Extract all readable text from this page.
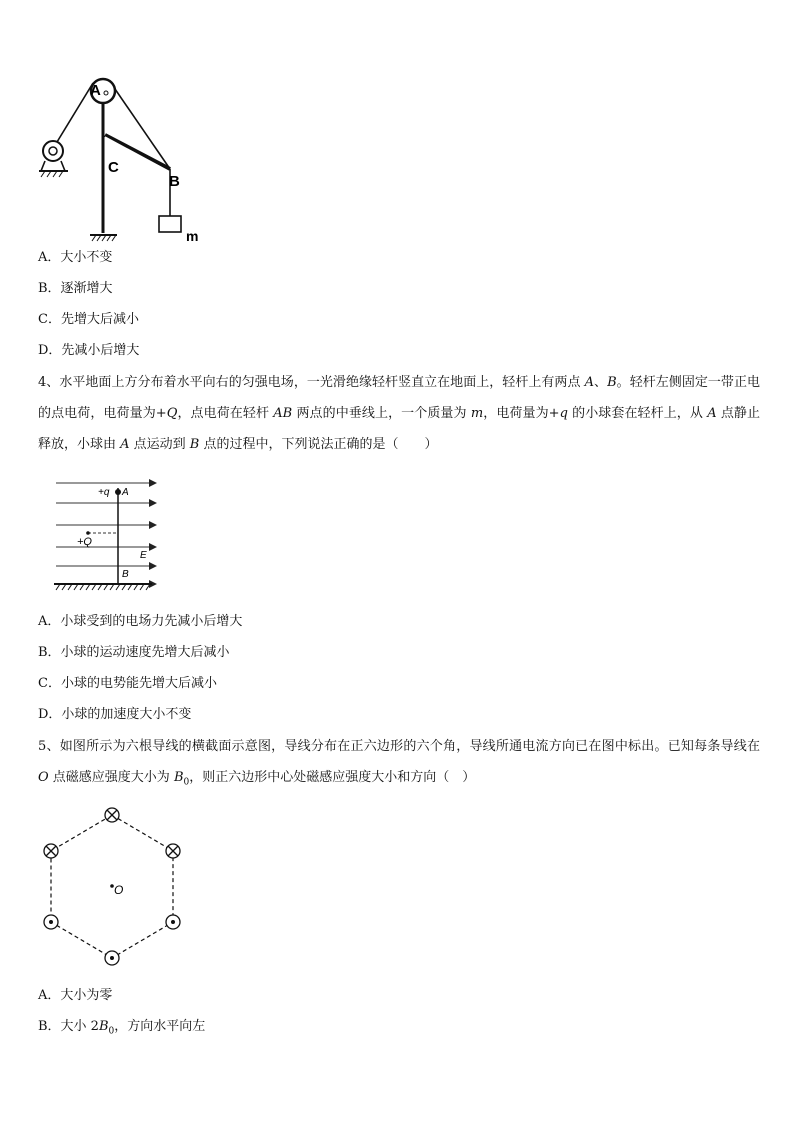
A
C
B
m
A．大小不变
B．逐渐增大
C．先增大后减小
D．先减小后增大
4、水平地面上方分布着水平向右的匀强电场，一光滑绝缘轻杆竖直立在地面上，轻杆上有两点 A、B。轻杆左侧固定一带正电的点电荷，电荷量为+Q，点电荷在轻杆 AB 两点的中垂线上，一个质量为 m，电荷量为+q 的小球套在轻杆上，从 A 点静止释放，小球由 A 点运动到 B 点的过程中，下列说法正确的是（　　）
+q A
+Q
E
B
A．小球受到的电场力先减小后增大
B．小球的运动速度先增大后减小
C．小球的电势能先增大后减小
D．小球的加速度大小不变
5、如图所示为六根导线的横截面示意图，导线分布在正六边形的六个角，导线所通电流方向已在图中标出。已知每条导线在 O 点磁感应强度大小为 $B_0$，则正六边形中心处磁感应强度大小和方向（　）
O
A．大小为零
B．大小 $2B_0$，方向水平向左
